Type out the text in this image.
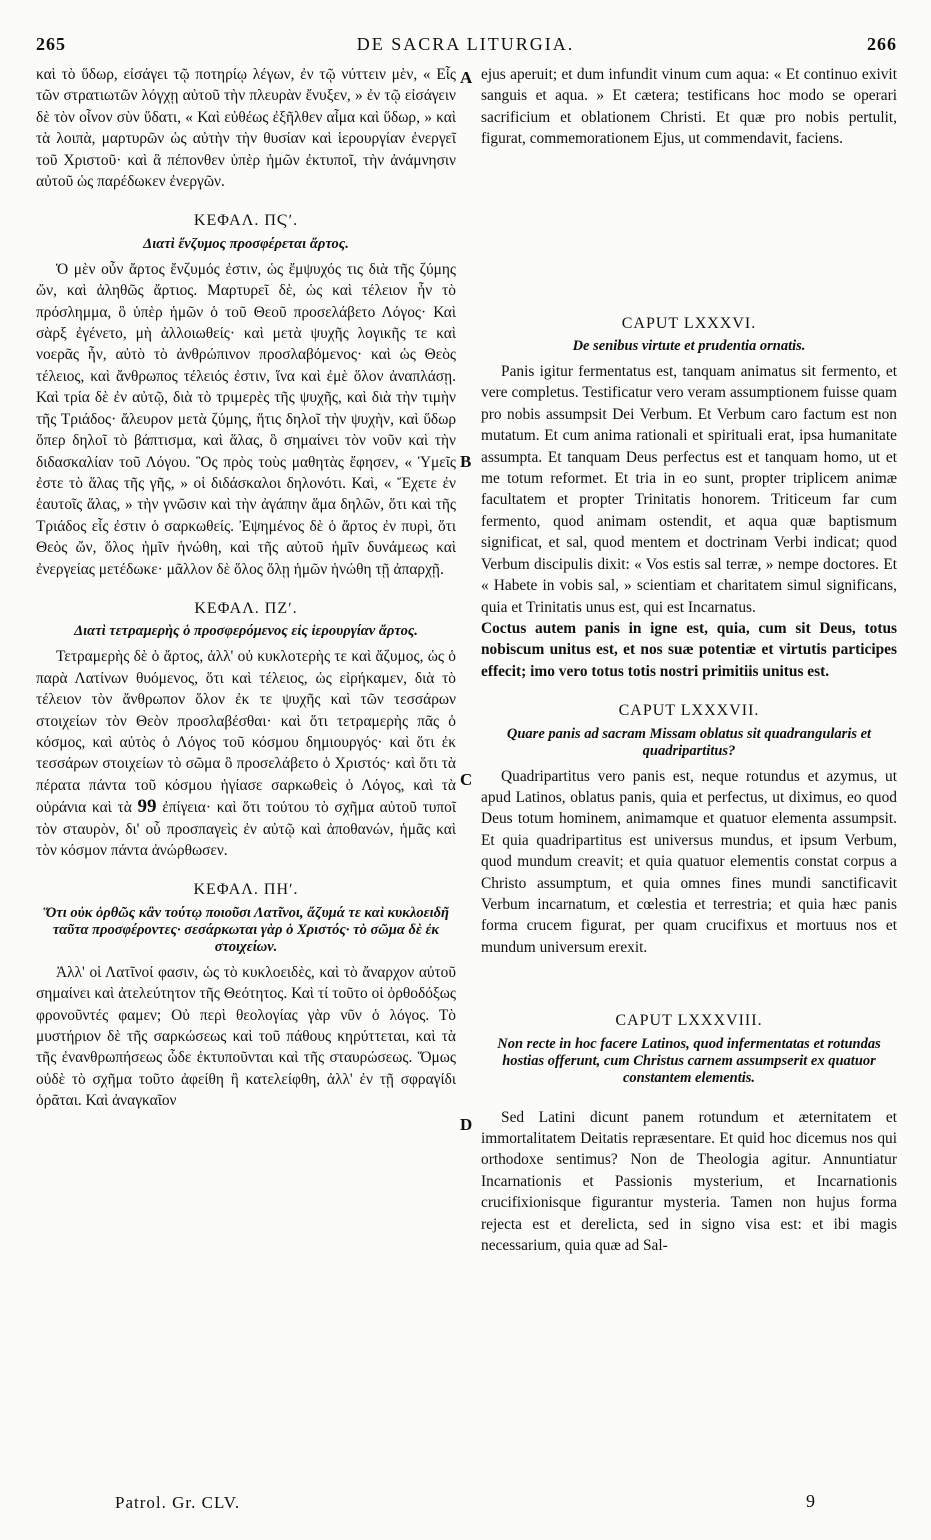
265	DE SACRA LITURGIA.	266

καὶ τὸ ὕδωρ, εἰσάγει τῷ ποτηρίῳ λέγων, ἐν τῷ νύττειν μὲν, « Εἷς τῶν στρατιωτῶν λόγχῃ αὐτοῦ τὴν πλευρὰν ἔνυξεν, » ἐν τῷ εἰσάγειν δὲ τὸν οἶνον σὺν ὕδατι, « Καὶ εὐθέως ἐξῆλθεν αἷμα καὶ ὕδωρ, » καὶ τὰ λοιπὰ, μαρτυρῶν ὡς αὐτὴν τὴν θυσίαν καὶ ἱερουργίαν ἐνεργεῖ τοῦ Χριστοῦ· καὶ ἃ πέπονθεν ὑπὲρ ἡμῶν ἐκτυποῖ, τὴν ἀνάμνησιν αὐτοῦ ὡς παρέδωκεν ἐνεργῶν.

ΚΕΦΑΛ. ΠϚʹ.
Διατὶ ἔνζυμος προσφέρεται ἄρτος.

Ὁ μὲν οὖν ἄρτος ἔνζυμός ἐστιν, ὡς ἔμψυχός τις διὰ τῆς ζύμης ὤν, καὶ ἀληθῶς ἄρτιος. Μαρτυρεῖ δὲ, ὡς καὶ τέλειον ἦν τὸ πρόσλημμα, ὃ ὑπὲρ ἡμῶν ὁ τοῦ Θεοῦ προσελάβετο Λόγος· Καὶ σὰρξ ἐγένετο, μὴ ἀλλοιωθείς· καὶ μετὰ ψυχῆς λογικῆς τε καὶ νοερᾶς ἦν, αὐτὸ τὸ ἀνθρώπινον προσλαβόμενος· καὶ ὡς Θεὸς τέλειος, καὶ ἄνθρωπος τέλειός ἐστιν, ἵνα καὶ ἐμὲ ὅλον ἀναπλάσῃ. Καὶ τρία δὲ ἐν αὐτῷ, διὰ τὸ τριμερὲς τῆς ψυχῆς, καὶ διὰ τὴν τιμὴν τῆς Τριάδος· ἄλευρον μετὰ ζύμης, ἥτις δηλοῖ τὴν ψυχὴν, καὶ ὕδωρ ὅπερ δηλοῖ τὸ βάπτισμα, καὶ ἅλας, ὃ σημαίνει τὸν νοῦν καὶ τὴν διδασκαλίαν τοῦ Λόγου. Ὃς πρὸς τοὺς μαθητὰς ἔφησεν, « Ὑμεῖς ἐστε τὸ ἅλας τῆς γῆς, » οἱ διδάσκαλοι δηλονότι. Καὶ, « Ἔχετε ἐν ἑαυτοῖς ἅλας, » τὴν γνῶσιν καὶ τὴν ἀγάπην ἅμα δηλῶν, ὅτι καὶ τῆς Τριάδος εἷς ἐστιν ὁ σαρκωθείς. Ἐψημένος δὲ ὁ ἄρτος ἐν πυρὶ, ὅτι Θεὸς ὤν, ὅλος ἡμῖν ἡνώθη, καὶ τῆς αὐτοῦ ἡμῖν δυνάμεως καὶ ἐνεργείας μετέδωκε· μᾶλλον δὲ ὅλος ὅλῃ ἡμῶν ἡνώθη τῇ ἀπαρχῇ.

ΚΕΦΑΛ. ΠΖʹ.
Διατὶ τετραμερὴς ὁ προσφερόμενος εἰς ἱερουργίαν ἄρτος.

Τετραμερὴς δὲ ὁ ἄρτος, ἀλλ' οὐ κυκλοτερὴς τε καὶ ἄζυμος, ὡς ὁ παρὰ Λατίνων θυόμενος, ὅτι καὶ τέλειος, ὡς εἰρήκαμεν, διὰ τὸ τέλειον τὸν ἄνθρωπον ὅλον ἐκ τε ψυχῆς καὶ τῶν τεσσάρων στοιχείων τὸν Θεὸν προσλαβέσθαι· καὶ ὅτι τετραμερὴς πᾶς ὁ κόσμος, καὶ αὐτὸς ὁ Λόγος τοῦ κόσμου δημιουργός· καὶ ὅτι ἐκ τεσσάρων στοιχείων τὸ σῶμα ὃ προσελάβετο ὁ Χριστός· καὶ ὅτι τὰ πέρατα πάντα τοῦ κόσμου ἡγίασε σαρκωθεὶς ὁ Λόγος, καὶ τὰ οὐράνια καὶ τὰ 99 ἐπίγεια· καὶ ὅτι τούτου τὸ σχῆμα αὐτοῦ τυποῖ τὸν σταυρὸν, δι' οὗ προσπαγεὶς ἐν αὐτῷ καὶ ἀποθανών, ἡμᾶς καὶ τὸν κόσμον πάντα ἀνώρθωσεν.

ΚΕΦΑΛ. ΠΗʹ.
Ὅτι οὐκ ὀρθῶς κἂν τούτῳ ποιοῦσι Λατῖνοι, ἄζυμά τε καὶ κυκλοειδῆ ταῦτα προσφέροντες· σεσάρκωται γὰρ ὁ Χριστός· τὸ σῶμα δὲ ἐκ στοιχείων.

Ἀλλ' οἱ Λατῖνοί φασιν, ὡς τὸ κυκλοειδὲς, καὶ τὸ ἄναρχον αὐτοῦ σημαίνει καὶ ἀτελεύτητον τῆς Θεότητος. Καὶ τί τοῦτο οἱ ὀρθοδόξως φρονοῦντές φαμεν; Οὐ περὶ θεολογίας γὰρ νῦν ὁ λόγος. Τὸ μυστήριον δὲ τῆς σαρκώσεως καὶ τοῦ πάθους κηρύττεται, καὶ τὰ τῆς ἐνανθρωπήσεως ὧδε ἐκτυποῦνται καὶ τῆς σταυρώσεως. Ὅμως οὐδὲ τὸ σχῆμα τοῦτο ἀφείθη ἢ κατελείφθη, ἀλλ' ἐν τῇ σφραγίδι ὁρᾶται. Καὶ ἀναγκαῖον

A
B
C
D

ejus aperuit; et dum infundit vinum cum aqua: « Et continuo exivit sanguis et aqua. » Et cætera; testificans hoc modo se operari sacrificium et oblationem Christi. Et quæ pro nobis pertulit, figurat, commemorationem Ejus, ut commendavit, faciens.

CAPUT LXXXVI.
De senibus virtute et prudentia ornatis.

Panis igitur fermentatus est, tanquam animatus sit fermento, et vere completus. Testificatur vero veram assumptionem fuisse quam pro nobis assumpsit Dei Verbum. Et Verbum caro factum est non mutatum. Et cum anima rationali et spirituali erat, ipsa humanitate assumpta. Et tanquam Deus perfectus est et tanquam homo, ut et me totum reformet. Et tria in eo sunt, propter triplicem animæ facultatem et propter Trinitatis honorem. Triticeum far cum fermento, quod animam ostendit, et aqua quæ baptismum significat, et sal, quod mentem et doctrinam Verbi indicat; quod Verbum discipulis dixit: « Vos estis sal terræ, » nempe doctores. Et « Habete in vobis sal, » scientiam et charitatem simul significans, quia et Trinitatis unus est, qui est Incarnatus.

Coctus autem panis in igne est, quia, cum sit Deus, totus nobiscum unitus est, et nos suæ potentiæ et virtutis participes effecit; imo vero totus totis nostri primitiis unitus est.

CAPUT LXXXVII.
Quare panis ad sacram Missam oblatus sit quadrangularis et quadripartitus?

Quadripartitus vero panis est, neque rotundus et azymus, ut apud Latinos, oblatus panis, quia et perfectus, ut diximus, eo quod Deus totum hominem, animamque et quatuor elementa assumpsit. Et quia quadripartitus est universus mundus, et ipsum Verbum, quod mundum creavit; et quia quatuor elementis constat corpus a Christo assumptum, et quia omnes fines mundi sanctificavit Verbum incarnatum, et cœlestia et terrestria; et quia hæc panis forma crucem figurat, per quam crucifixus et mortuus nos et mundum universum erexit.

CAPUT LXXXVIII.
Non recte in hoc facere Latinos, quod infermentatas et rotundas hostias offerunt, cum Christus carnem assumpserit ex quatuor constantem elementis.

Sed Latini dicunt panem rotundum et æternitatem et immortalitatem Deitatis repræsentare. Et quid hoc dicemus nos qui orthodoxe sentimus? Non de Theologia agitur. Annuntiatur Incarnationis et Passionis mysterium, et Incarnationis crucifixionisque figurantur mysteria. Tamen non hujus forma rejecta est et derelicta, sed in signo visa est: et ibi magis necessarium, quia quæ ad Sal-

Patrol. Gr. CLV.	9
